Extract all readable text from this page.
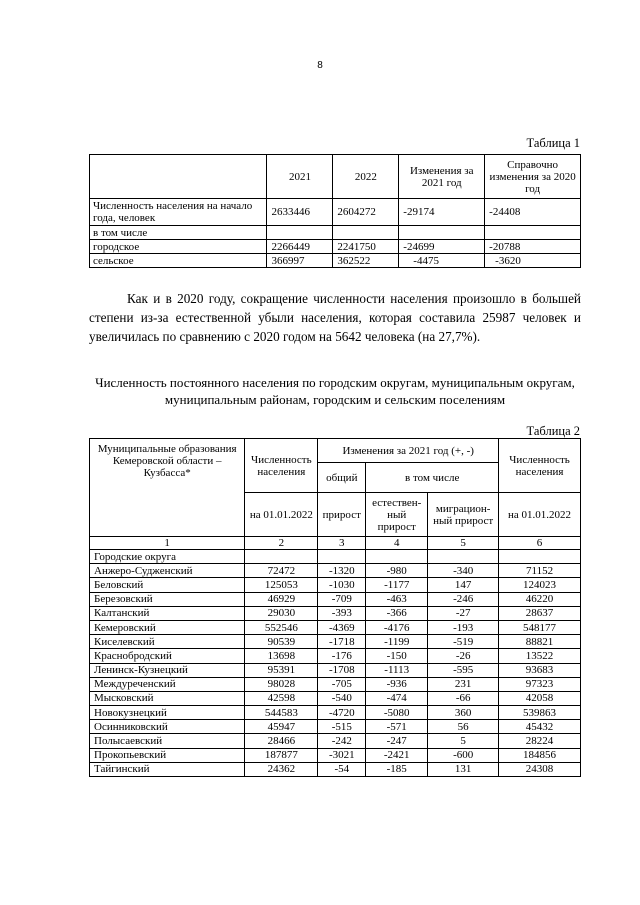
8
Таблица 1
	2021	2022	Изменения за 2021 год	Справочно изменения за 2020 год
Численность населения на начало года, человек	2633446	2604272	-29174	-24408
в том числе				
городское	2266449	2241750	-24699	-20788
сельское	366997	362522	-4475	-3620
Как и в 2020 году, сокращение численности населения произошло в большей степени из-за естественной убыли населения, которая составила 25987 человек и увеличилась по сравнению с 2020 годом на 5642 человека (на 27,7%).
Численность постоянного населения по городским округам, муниципальным округам, муниципальным районам, городским и сельским поселениям
Таблица 2
Муниципальные образования Кемеровской области – Кузбасса*	Численность населения	Изменения за 2021 год (+, -)			Численность населения
		общий	в том числе		
	на 01.01.2022	прирост	естествен-ный прирост	миграцион-ный прирост	на 01.01.2022
1	2	3	4	5	6
Городские округа					
Анжеро-Судженский	72472	-1320	-980	-340	71152
Беловский	125053	-1030	-1177	147	124023
Березовский	46929	-709	-463	-246	46220
Калтанский	29030	-393	-366	-27	28637
Кемеровский	552546	-4369	-4176	-193	548177
Киселевский	90539	-1718	-1199	-519	88821
Краснобродский	13698	-176	-150	-26	13522
Ленинск-Кузнецкий	95391	-1708	-1113	-595	93683
Междуреченский	98028	-705	-936	231	97323
Мысковский	42598	-540	-474	-66	42058
Новокузнецкий	544583	-4720	-5080	360	539863
Осинниковский	45947	-515	-571	56	45432
Полысаевский	28466	-242	-247	5	28224
Прокопьевский	187877	-3021	-2421	-600	184856
Тайгинский	24362	-54	-185	131	24308
